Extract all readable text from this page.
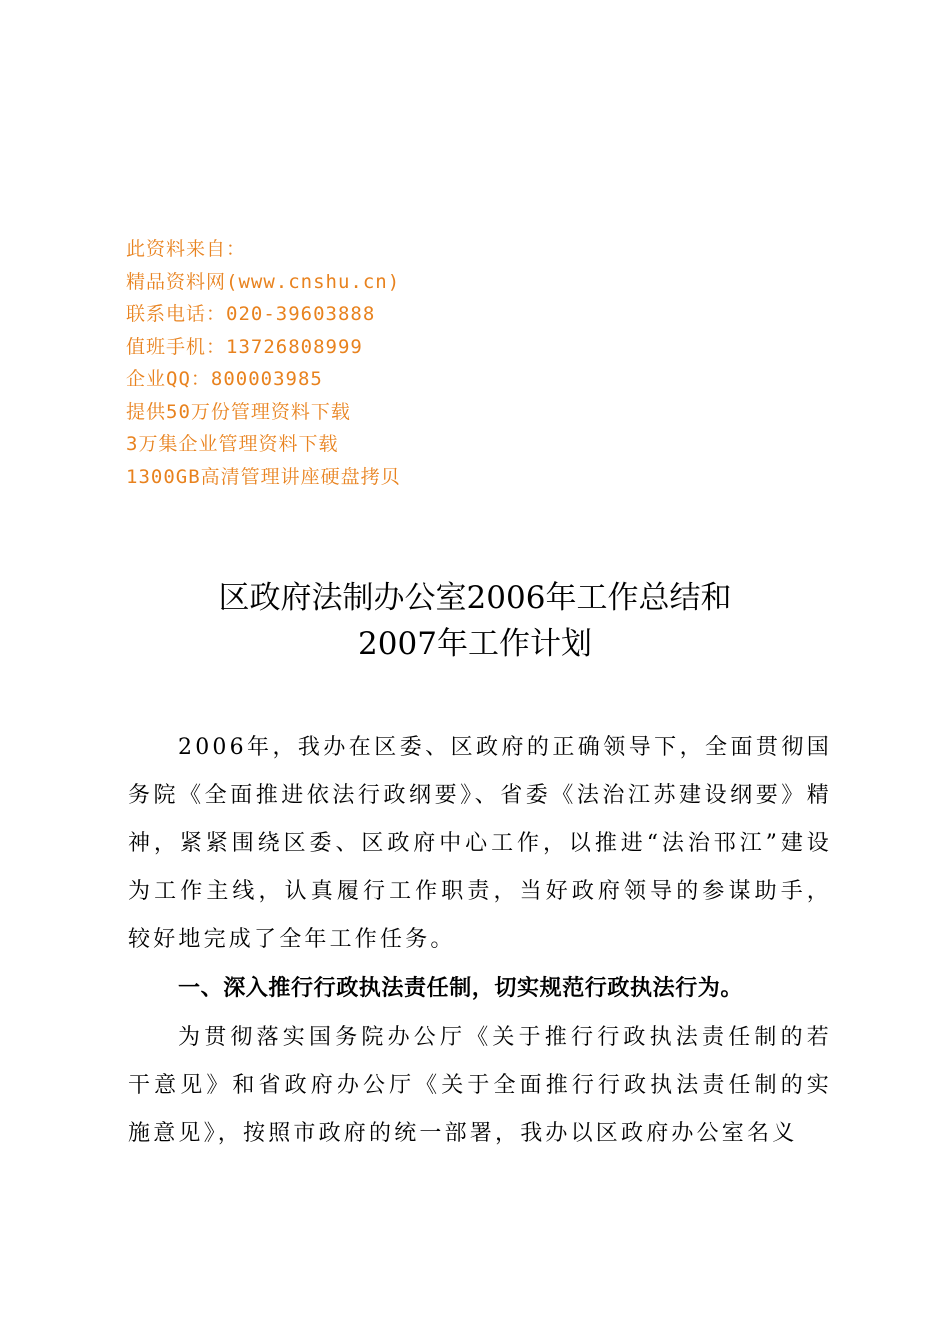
此资料来自：
精品资料网(www.cnshu.cn)
联系电话：020-39603888
值班手机：13726808999
企业QQ：800003985
提供50万份管理资料下载
3万集企业管理资料下载
1300GB高清管理讲座硬盘拷贝
区政府法制办公室2006年工作总结和
2007年工作计划

2006年，我办在区委、区政府的正确领导下，全面贯彻国务院《全面推进依法行政纲要》、省委《法治江苏建设纲要》精神，紧紧围绕区委、区政府中心工作，以推进“法治邗江”建设为工作主线，认真履行工作职责，当好政府领导的参谋助手，较好地完成了全年工作任务。

一、深入推行行政执法责任制，切实规范行政执法行为。

为贯彻落实国务院办公厅《关于推行行政执法责任制的若干意见》和省政府办公厅《关于全面推行行政执法责任制的实施意见》，按照市政府的统一部署，我办以区政府办公室名义
